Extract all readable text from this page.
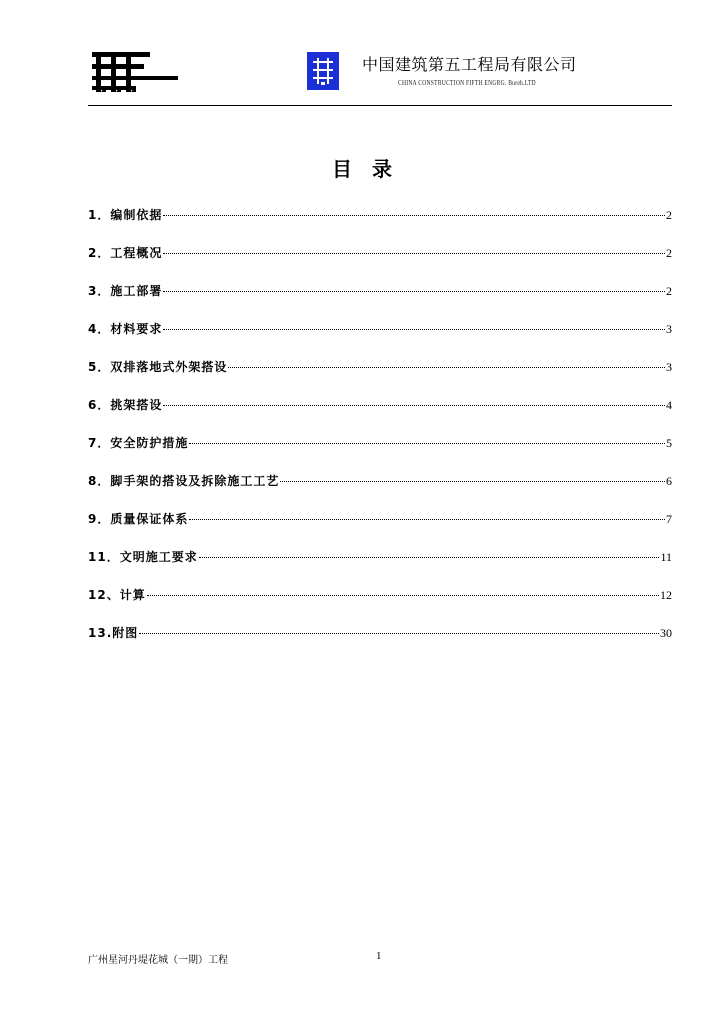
中国建筑第五工程局有限公司
CHINA CONSTRUCTION FIFTH ENGRG. Bureh.LTD
目录
1．编制依据	2
2．工程概况	2
3．施工部署	2
4．材料要求	3
5．双排落地式外架搭设	3
6．挑架搭设	4
7．安全防护措施	5
8．脚手架的搭设及拆除施工工艺	6
9．质量保证体系	7
11．文明施工要求	11
12、计算	12
13.附图	30
广州星河丹堤花城（一期）工程	1
